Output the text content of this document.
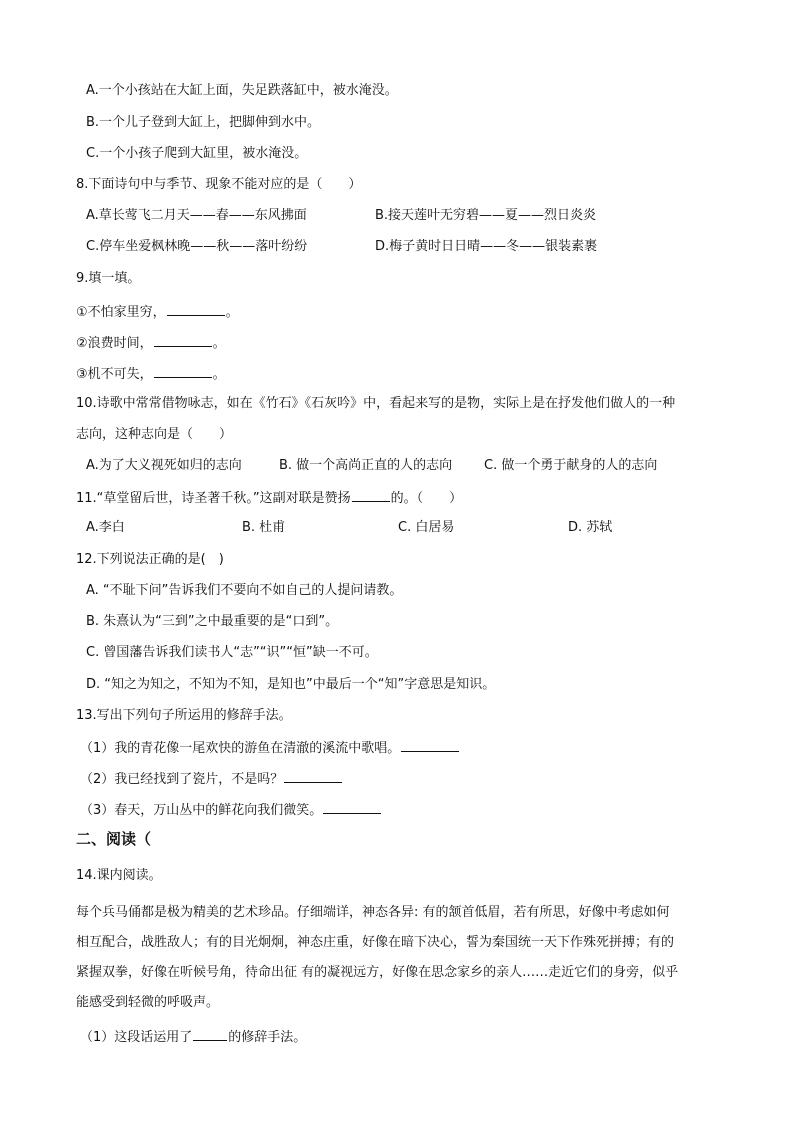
A.一个小孩站在大缸上面，失足跌落缸中，被水淹没。
B.一个儿子登到大缸上，把脚伸到水中。
C.一个小孩子爬到大缸里，被水淹没。
8.下面诗句中与季节、现象不能对应的是（　　）
A.草长莺飞二月天——春——东风拂面	B.接天莲叶无穷碧——夏——烈日炎炎
C.停车坐爱枫林晚——秋——落叶纷纷	D.梅子黄时日日晴——冬——银装素裹
9.填一填。
①不怕家里穷，	。
②浪费时间，	。
③机不可失，	。
10.诗歌中常常借物咏志，如在《竹石》《石灰吟》中，看起来写的是物，实际上是在抒发他们做人的一种
志向，这种志向是（　　）
A.为了大义视死如归的志向	B. 做一个高尚正直的人的志向 C. 做一个勇于献身的人的志向
11.“草堂留后世，诗圣著千秋。”这副对联是赞扬	的。（　　）
A.李白	B. 杜甫	C. 白居易	D. 苏轼
12.下列说法正确的是(　)
A. “不耻下问”告诉我们不要向不如自己的人提问请教。
B. 朱熹认为“三到”之中最重要的是“口到”。
C. 曾国藩告诉我们读书人“志”“识”“恒”缺一不可。
D. “知之为知之，不知为不知，是知也”中最后一个“知”字意思是知识。
13.写出下列句子所运用的修辞手法。
（1）我的青花像一尾欢快的游鱼在清澈的溪流中歌唱。
（2）我已经找到了瓷片，不是吗？
（3）春天，万山丛中的鲜花向我们微笑。
二、阅读（
14.课内阅读。
每个兵马俑都是极为精美的艺术珍品。仔细端详，神态各异: 有的颔首低眉，若有所思，好像中考虑如何
相互配合，战胜敌人；有的目光炯炯，神态庄重，好像在暗下决心，誓为秦国统一天下作殊死拼搏；有的
紧握双拳，好像在听候号角，待命出征 有的凝视远方，好像在思念家乡的亲人……走近它们的身旁，似乎
能感受到轻微的呼吸声。
（1）这段话运用了	的修辞手法。
